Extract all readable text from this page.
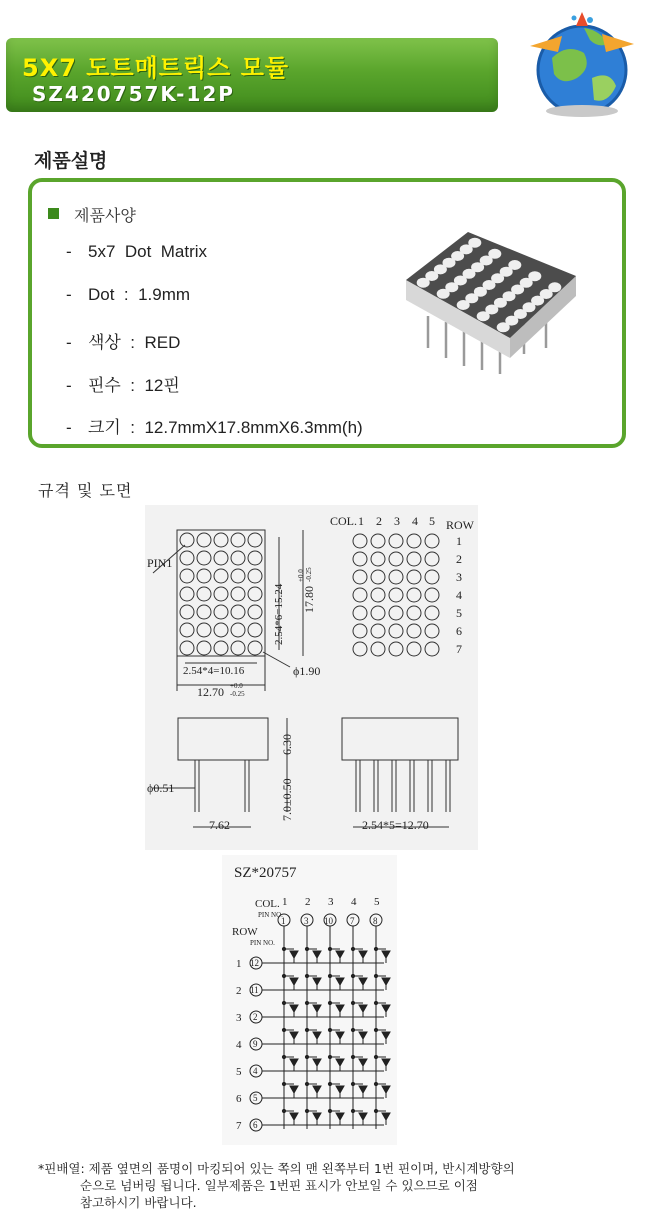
5X7 도트매트릭스 모듈
SZ420757K-12P
제품설명
제품사양
- 5x7  Dot  Matrix
- Dot  :  1.9mm
- 색상  :  RED
- 핀수  :  12핀
- 크기  :  12.7mmX17.8mmX6.3mm(h)
규격 및 도면
PIN1
COL.	ROW
1 2 3 4 5
1
2
3
4
5
6
7
2.54*4=10.16
12.70 +0.0
-0.25
ϕ1.90
2.54*6=15.24 17.80
+0.0 -0.25
6.30
7.0±0.50
ϕ0.51
7.62	2.54*5=12.70
SZ*20757
COL.
ROW
PIN NO.
PIN NO.
1
1
2
3
3
10
4
7
5
8
1 12
2 11
3 2
4 9
5 4
6 5
7 6
*핀배열: 제품 옆면의 품명이 마킹되어 있는 쪽의 맨 왼쪽부터 1번 핀이며, 반시계방향의
순으로 넘버링 됩니다. 일부제품은 1번핀 표시가 안보일 수 있으므로 이점
참고하시기 바랍니다.
